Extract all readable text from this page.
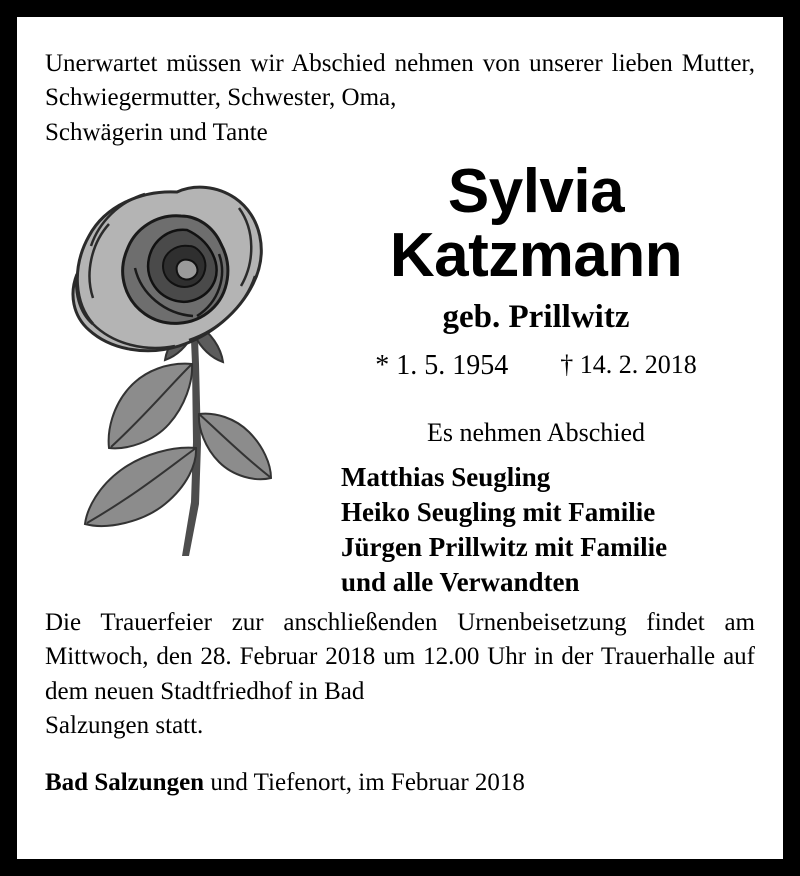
Unerwartet müssen wir Abschied nehmen von unserer lieben Mutter, Schwiegermutter, Schwester, Oma,
Schwägerin und Tante
Sylvia
Katzmann
geb. Prillwitz
* 1. 5. 1954 † 14. 2. 2018
Es nehmen Abschied
Matthias Seugling
Heiko Seugling mit Familie
Jürgen Prillwitz mit Familie
und alle Verwandten
Die Trauerfeier zur anschließenden Urnenbeisetzung findet am Mittwoch, den 28. Februar 2018 um 12.00 Uhr in der Trauerhalle auf dem neuen Stadtfriedhof in Bad
Salzungen statt.
Bad Salzungen und Tiefenort, im Februar 2018
